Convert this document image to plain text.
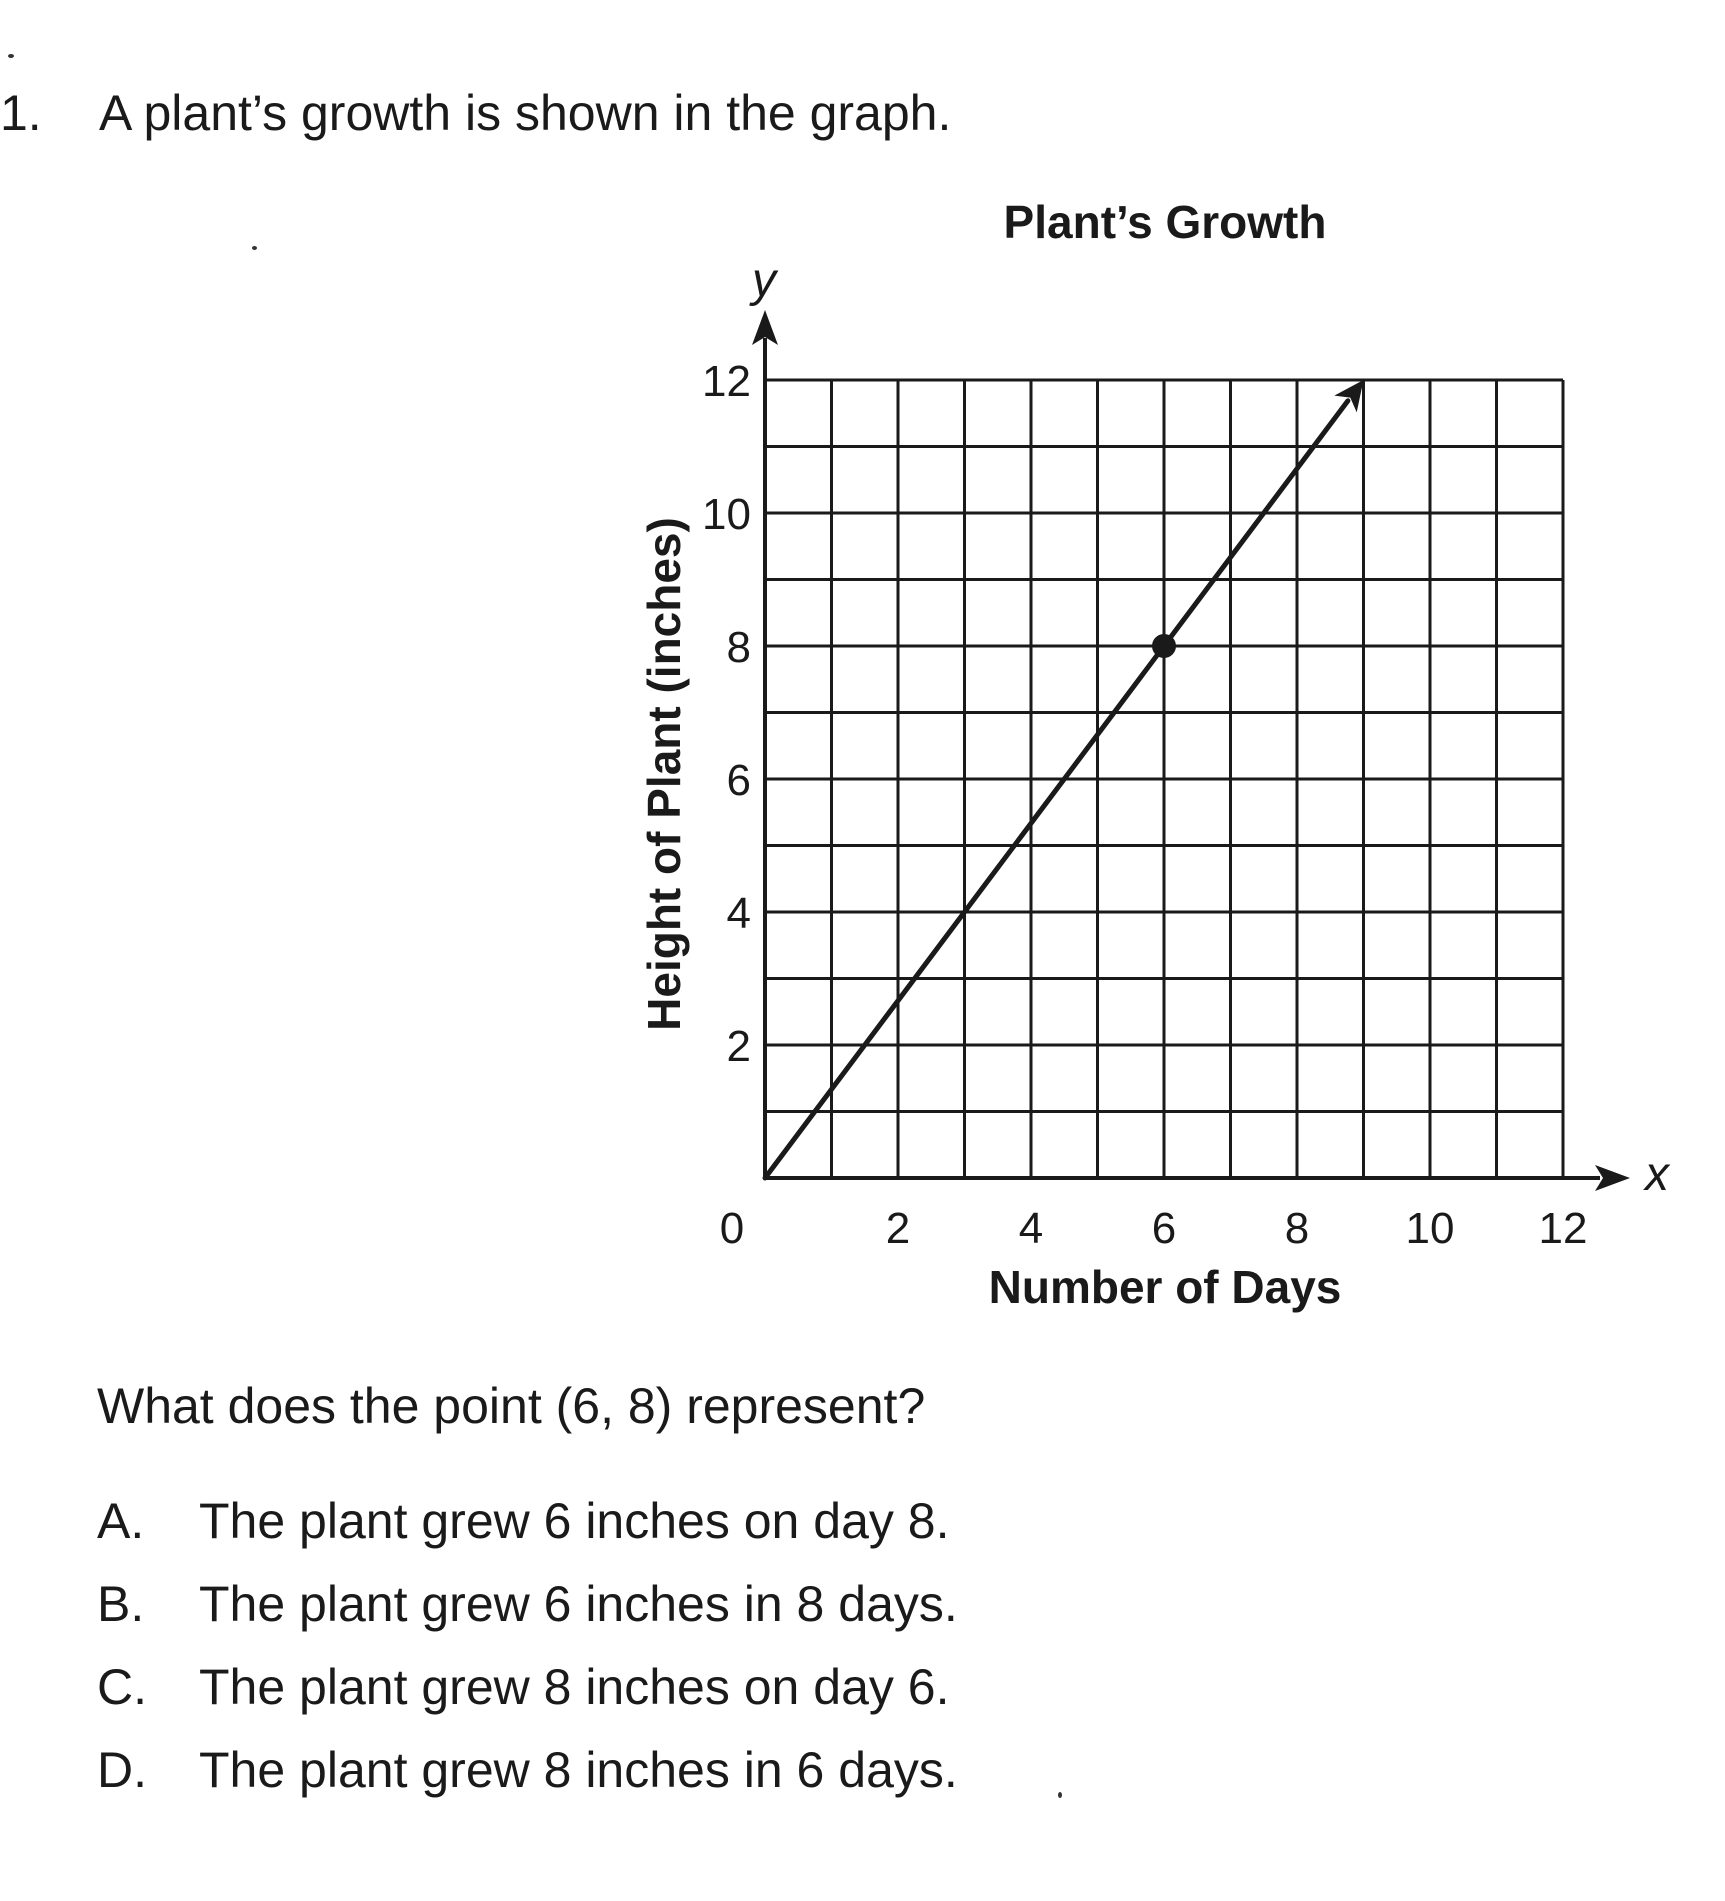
1. A plant’s growth is shown in the graph.
Plant’s Growth
2 4 6 8 10 12
2
4
6
8
10
12
Number of Days
Height of Plant (inches)
x
y
0
What does the point (6, 8) represent?
A. The plant grew 6 inches on day 8.
B. The plant grew 6 inches in 8 days.
C. The plant grew 8 inches on day 6.
D. The plant grew 8 inches in 6 days.
